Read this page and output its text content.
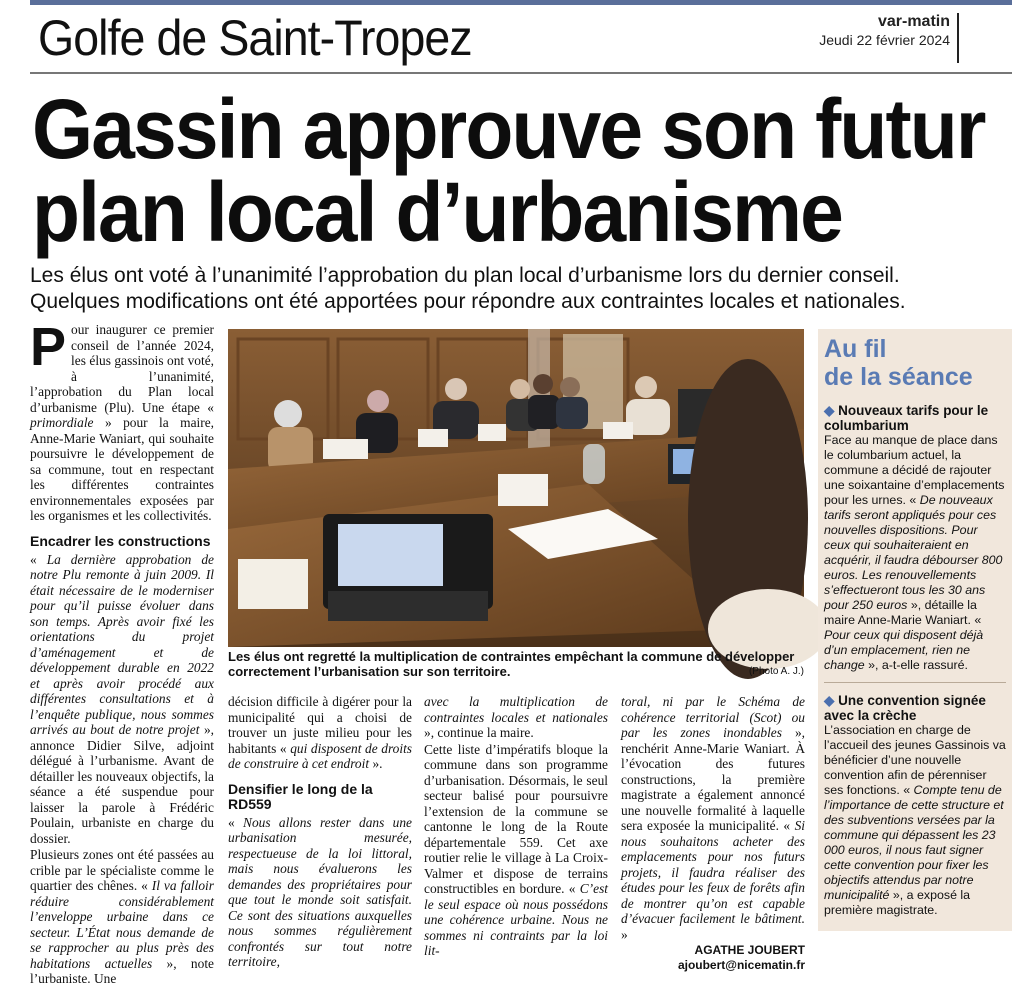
Golfe de Saint-Tropez	var-matin
Jeudi 22 février 2024
Gassin approuve son futur
plan local d’urbanisme
Les élus ont voté à l’unanimité l’approbation du plan local d’urbanisme lors du dernier conseil.
Quelques modifications ont été apportées pour répondre aux contraintes locales et nationales.

Pour inaugurer ce premier conseil de l’année 2024, les élus gassinois ont voté, à l’unanimité, l’approbation du Plan local d’urbanisme (Plu). Une étape « primordiale » pour la maire, Anne-Marie Waniart, qui souhaite poursuivre le développement de sa commune, tout en respectant les différentes contraintes environnementales exposées par les organismes et les collectivités.

Encadrer les constructions

« La dernière approbation de notre Plu remonte à juin 2009. Il était nécessaire de le moderniser pour qu’il puisse évoluer dans son temps. Après avoir fixé les orientations du projet d’aménagement et de développement durable en 2022 et après avoir procédé aux différentes consultations et à l’enquête publique, nous sommes arrivés au bout de notre projet », annonce Didier Silve, adjoint délégué à l’urbanisme. Avant de détailler les nouveaux objectifs, la séance a été suspendue pour laisser la parole à Frédéric Poulain, urbaniste en charge du dossier.

Plusieurs zones ont été passées au crible par le spécialiste comme le quartier des chênes. « Il va falloir réduire considérablement l’enveloppe urbaine dans ce secteur. L’État nous demande de se rapprocher au plus près des habitations actuelles », note l’urbaniste. Une

Les élus ont regretté la multiplication de contraintes empêchant la commune de développer correctement l’urbanisation sur son territoire.	(Photo A. J.)

décision difficile à digérer pour la municipalité qui a choisi de trouver un juste milieu pour les habitants « qui disposent de droits de construire à cet endroit ».

Densifier le long de la RD559

« Nous allons rester dans une urbanisation mesurée, respectueuse de la loi littoral, mais nous évaluerons les demandes des propriétaires pour que tout le monde soit satisfait. Ce sont des situations auxquelles nous sommes régulièrement confrontés sur tout notre territoire,

avec la multiplication de contraintes locales et nationales », continue la maire.

Cette liste d’impératifs bloque la commune dans son programme d’urbanisation. Désormais, le seul secteur balisé pour poursuivre l’extension de la commune se cantonne le long de la Route départementale 559. Cet axe routier relie le village à La Croix-Valmer et dispose de terrains constructibles en bordure. « C’est le seul espace où nous possédons une cohérence urbaine. Nous ne sommes ni contraints par la loi lit-

toral, ni par le Schéma de cohérence territorial (Scot) ou par les zones inondables », renchérit Anne-Marie Waniart. À l’évocation des futures constructions, la première magistrate a également annoncé une nouvelle formalité à laquelle sera exposée la municipalité. « Si nous souhaitons acheter des emplacements pour nos futurs projets, il faudra réaliser des études pour les feux de forêts afin de montrer qu’on est capable d’évacuer facilement le bâtiment. »

AGATHE JOUBERT
ajoubert@nicematin.fr
Au fil
de la séance
◆ Nouveaux tarifs pour le columbarium
Face au manque de place dans le columbarium actuel, la commune a décidé de rajouter une soixantaine d’emplacements pour les urnes. « De nouveaux tarifs seront appliqués pour ces nouvelles dispositions. Pour ceux qui souhaiteraient en acquérir, il faudra débourser 800 euros. Les renouvellements s’effectueront tous les 30 ans pour 250 euros », détaille la maire Anne-Marie Waniart. « Pour ceux qui disposent déjà d’un emplacement, rien ne change », a-t-elle rassuré.
◆ Une convention signée avec la crèche
L’association en charge de l’accueil des jeunes Gassinois va bénéficier d’une nouvelle convention afin de pérenniser ses fonctions. « Compte tenu de l’importance de cette structure et des subventions versées par la commune qui dépassent les 23 000 euros, il nous faut signer cette convention pour fixer les objectifs attendus par notre municipalité », a exposé la première magistrate.
